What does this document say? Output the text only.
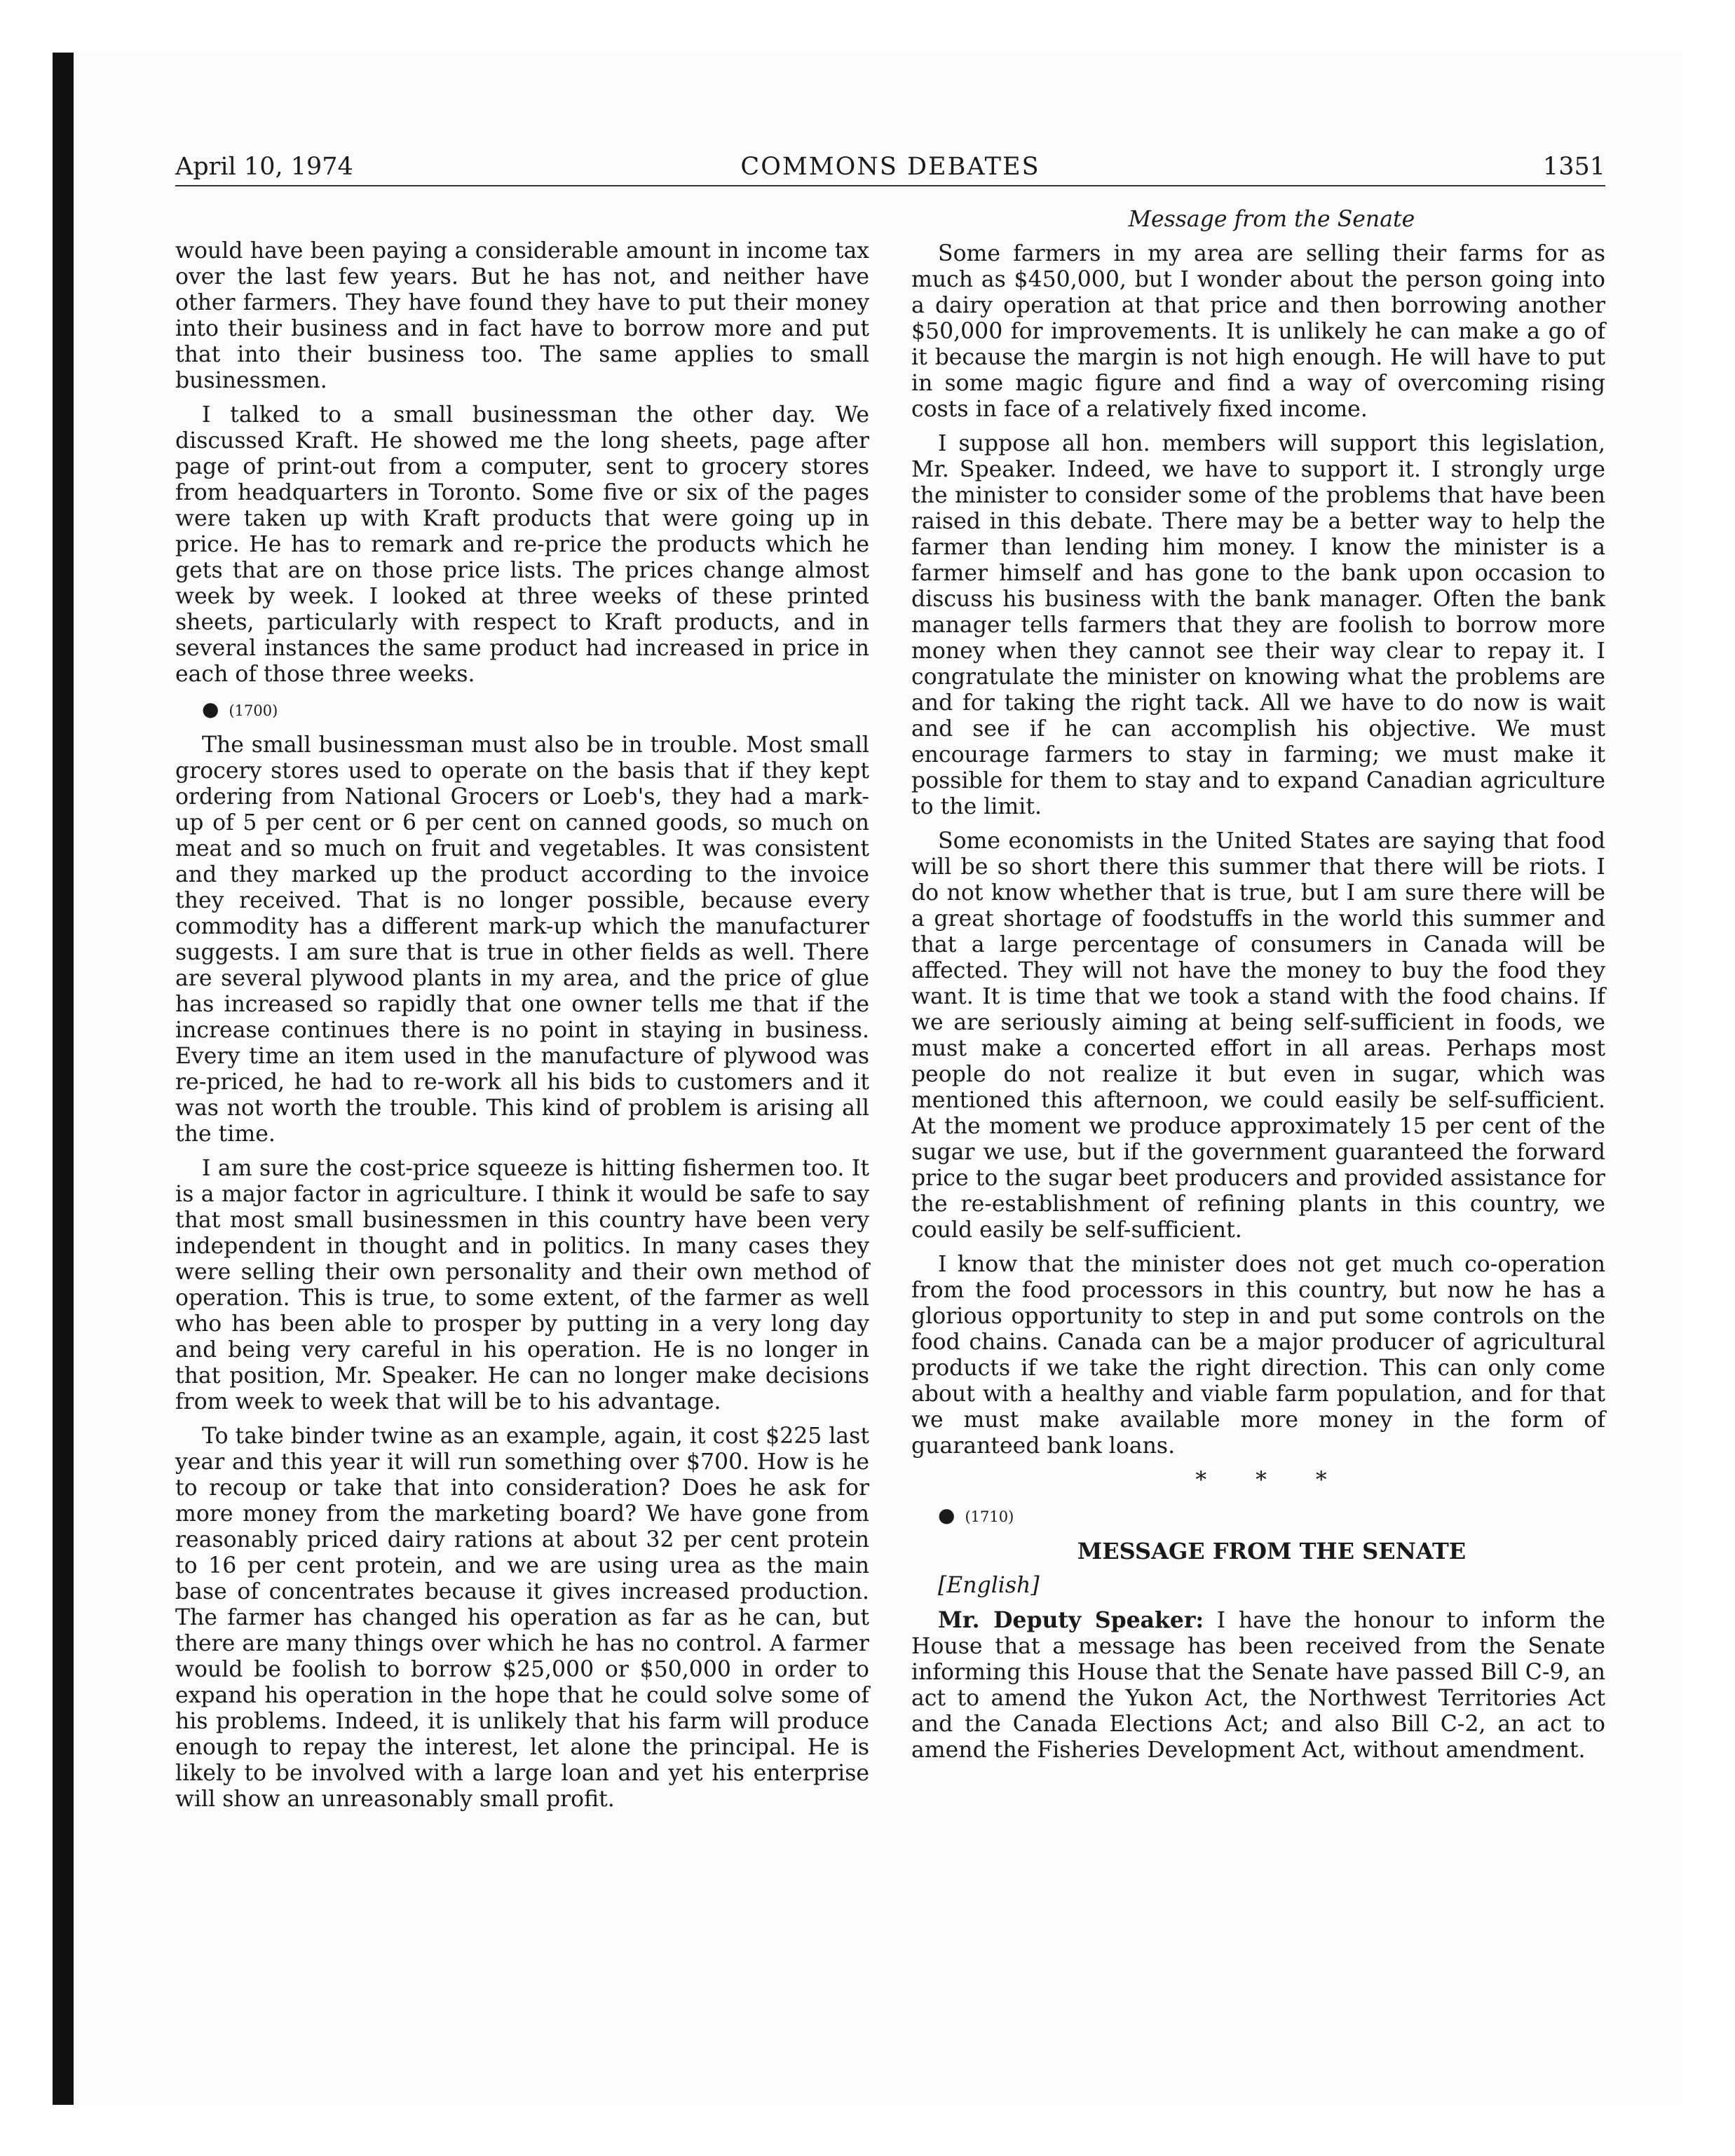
April 10, 1974	COMMONS DEBATES	1351

would have been paying a considerable amount in income tax over the last few years. But he has not, and neither have other farmers. They have found they have to put their money into their business and in fact have to borrow more and put that into their business too. The same applies to small businessmen.

I talked to a small businessman the other day. We discussed Kraft. He showed me the long sheets, page after page of print-out from a computer, sent to grocery stores from headquarters in Toronto. Some five or six of the pages were taken up with Kraft products that were going up in price. He has to remark and re-price the products which he gets that are on those price lists. The prices change almost week by week. I looked at three weeks of these printed sheets, particularly with respect to Kraft products, and in several instances the same product had increased in price in each of those three weeks.

● (1700)

The small businessman must also be in trouble. Most small grocery stores used to operate on the basis that if they kept ordering from National Grocers or Loeb's, they had a mark-up of 5 per cent or 6 per cent on canned goods, so much on meat and so much on fruit and vegetables. It was consistent and they marked up the product according to the invoice they received. That is no longer possible, because every commodity has a different mark-up which the manufacturer suggests. I am sure that is true in other fields as well. There are several plywood plants in my area, and the price of glue has increased so rapidly that one owner tells me that if the increase continues there is no point in staying in business. Every time an item used in the manufacture of plywood was re-priced, he had to re-work all his bids to customers and it was not worth the trouble. This kind of problem is arising all the time.

I am sure the cost-price squeeze is hitting fishermen too. It is a major factor in agriculture. I think it would be safe to say that most small businessmen in this country have been very independent in thought and in politics. In many cases they were selling their own personality and their own method of operation. This is true, to some extent, of the farmer as well who has been able to prosper by putting in a very long day and being very careful in his operation. He is no longer in that position, Mr. Speaker. He can no longer make decisions from week to week that will be to his advantage.

To take binder twine as an example, again, it cost $225 last year and this year it will run something over $700. How is he to recoup or take that into consideration? Does he ask for more money from the marketing board? We have gone from reasonably priced dairy rations at about 32 per cent protein to 16 per cent protein, and we are using urea as the main base of concentrates because it gives increased production. The farmer has changed his operation as far as he can, but there are many things over which he has no control. A farmer would be foolish to borrow $25,000 or $50,000 in order to expand his operation in the hope that he could solve some of his problems. Indeed, it is unlikely that his farm will produce enough to repay the interest, let alone the principal. He is likely to be involved with a large loan and yet his enterprise will show an unreasonably small profit.

Message from the Senate

Some farmers in my area are selling their farms for as much as $450,000, but I wonder about the person going into a dairy operation at that price and then borrowing another $50,000 for improvements. It is unlikely he can make a go of it because the margin is not high enough. He will have to put in some magic figure and find a way of overcoming rising costs in face of a relatively fixed income.

I suppose all hon. members will support this legislation, Mr. Speaker. Indeed, we have to support it. I strongly urge the minister to consider some of the problems that have been raised in this debate. There may be a better way to help the farmer than lending him money. I know the minister is a farmer himself and has gone to the bank upon occasion to discuss his business with the bank manager. Often the bank manager tells farmers that they are foolish to borrow more money when they cannot see their way clear to repay it. I congratulate the minister on knowing what the problems are and for taking the right tack. All we have to do now is wait and see if he can accomplish his objective. We must encourage farmers to stay in farming; we must make it possible for them to stay and to expand Canadian agriculture to the limit.

Some economists in the United States are saying that food will be so short there this summer that there will be riots. I do not know whether that is true, but I am sure there will be a great shortage of foodstuffs in the world this summer and that a large percentage of consumers in Canada will be affected. They will not have the money to buy the food they want. It is time that we took a stand with the food chains. If we are seriously aiming at being self-sufficient in foods, we must make a concerted effort in all areas. Perhaps most people do not realize it but even in sugar, which was mentioned this afternoon, we could easily be self-sufficient. At the moment we produce approximately 15 per cent of the sugar we use, but if the government guaranteed the forward price to the sugar beet producers and provided assistance for the re-establishment of refining plants in this country, we could easily be self-sufficient.

I know that the minister does not get much co-operation from the food processors in this country, but now he has a glorious opportunity to step in and put some controls on the food chains. Canada can be a major producer of agricultural products if we take the right direction. This can only come about with a healthy and viable farm population, and for that we must make available more money in the form of guaranteed bank loans.

* * *

● (1710)

MESSAGE FROM THE SENATE

[English]

Mr. Deputy Speaker: I have the honour to inform the House that a message has been received from the Senate informing this House that the Senate have passed Bill C-9, an act to amend the Yukon Act, the Northwest Territories Act and the Canada Elections Act; and also Bill C-2, an act to amend the Fisheries Development Act, without amendment.
